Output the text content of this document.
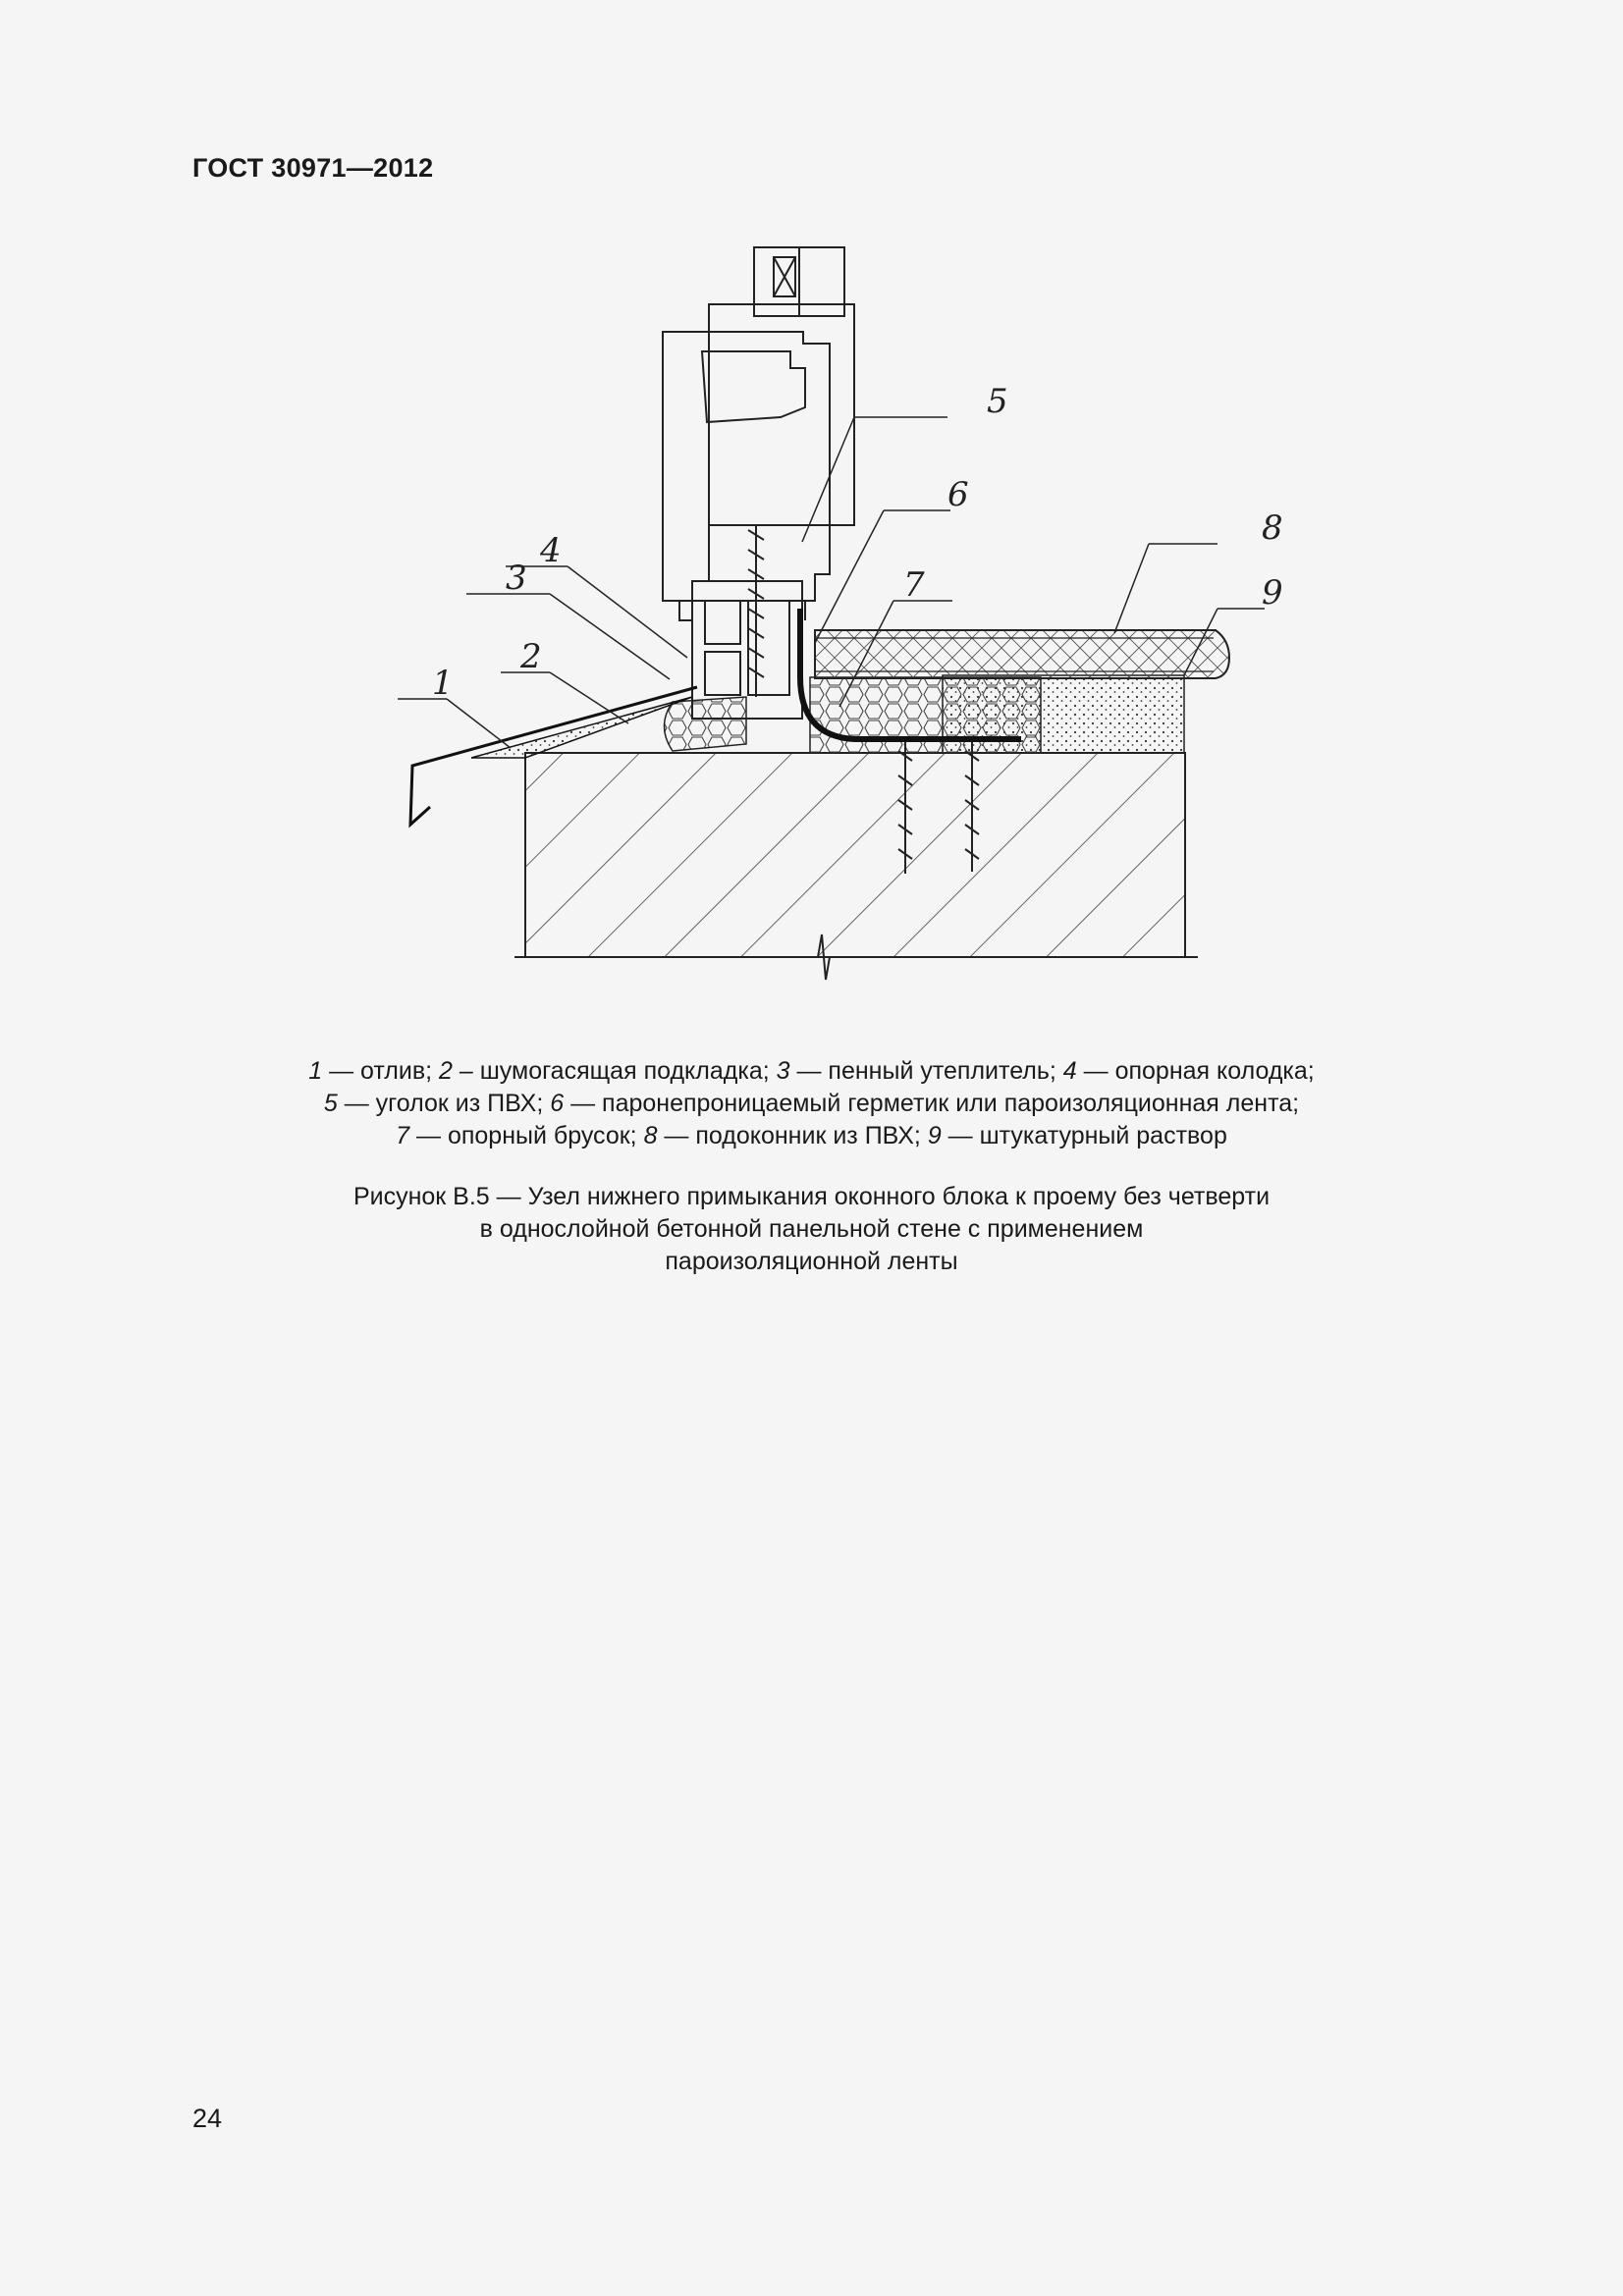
ГОСТ 30971—2012
1
2
3
4
5
6
7
8
9
1 — отлив; 2 – шумогасящая подкладка; 3 — пенный утеплитель; 4 — опорная колодка;
5 — уголок из ПВХ; 6 — паронепроницаемый герметик или пароизоляционная лента;
7 — опорный брусок; 8 — подоконник из ПВХ; 9 — штукатурный раствор
Рисунок В.5 — Узел нижнего примыкания оконного блока к проему без четверти
в однослойной бетонной панельной стене с применением
пароизоляционной ленты
24
